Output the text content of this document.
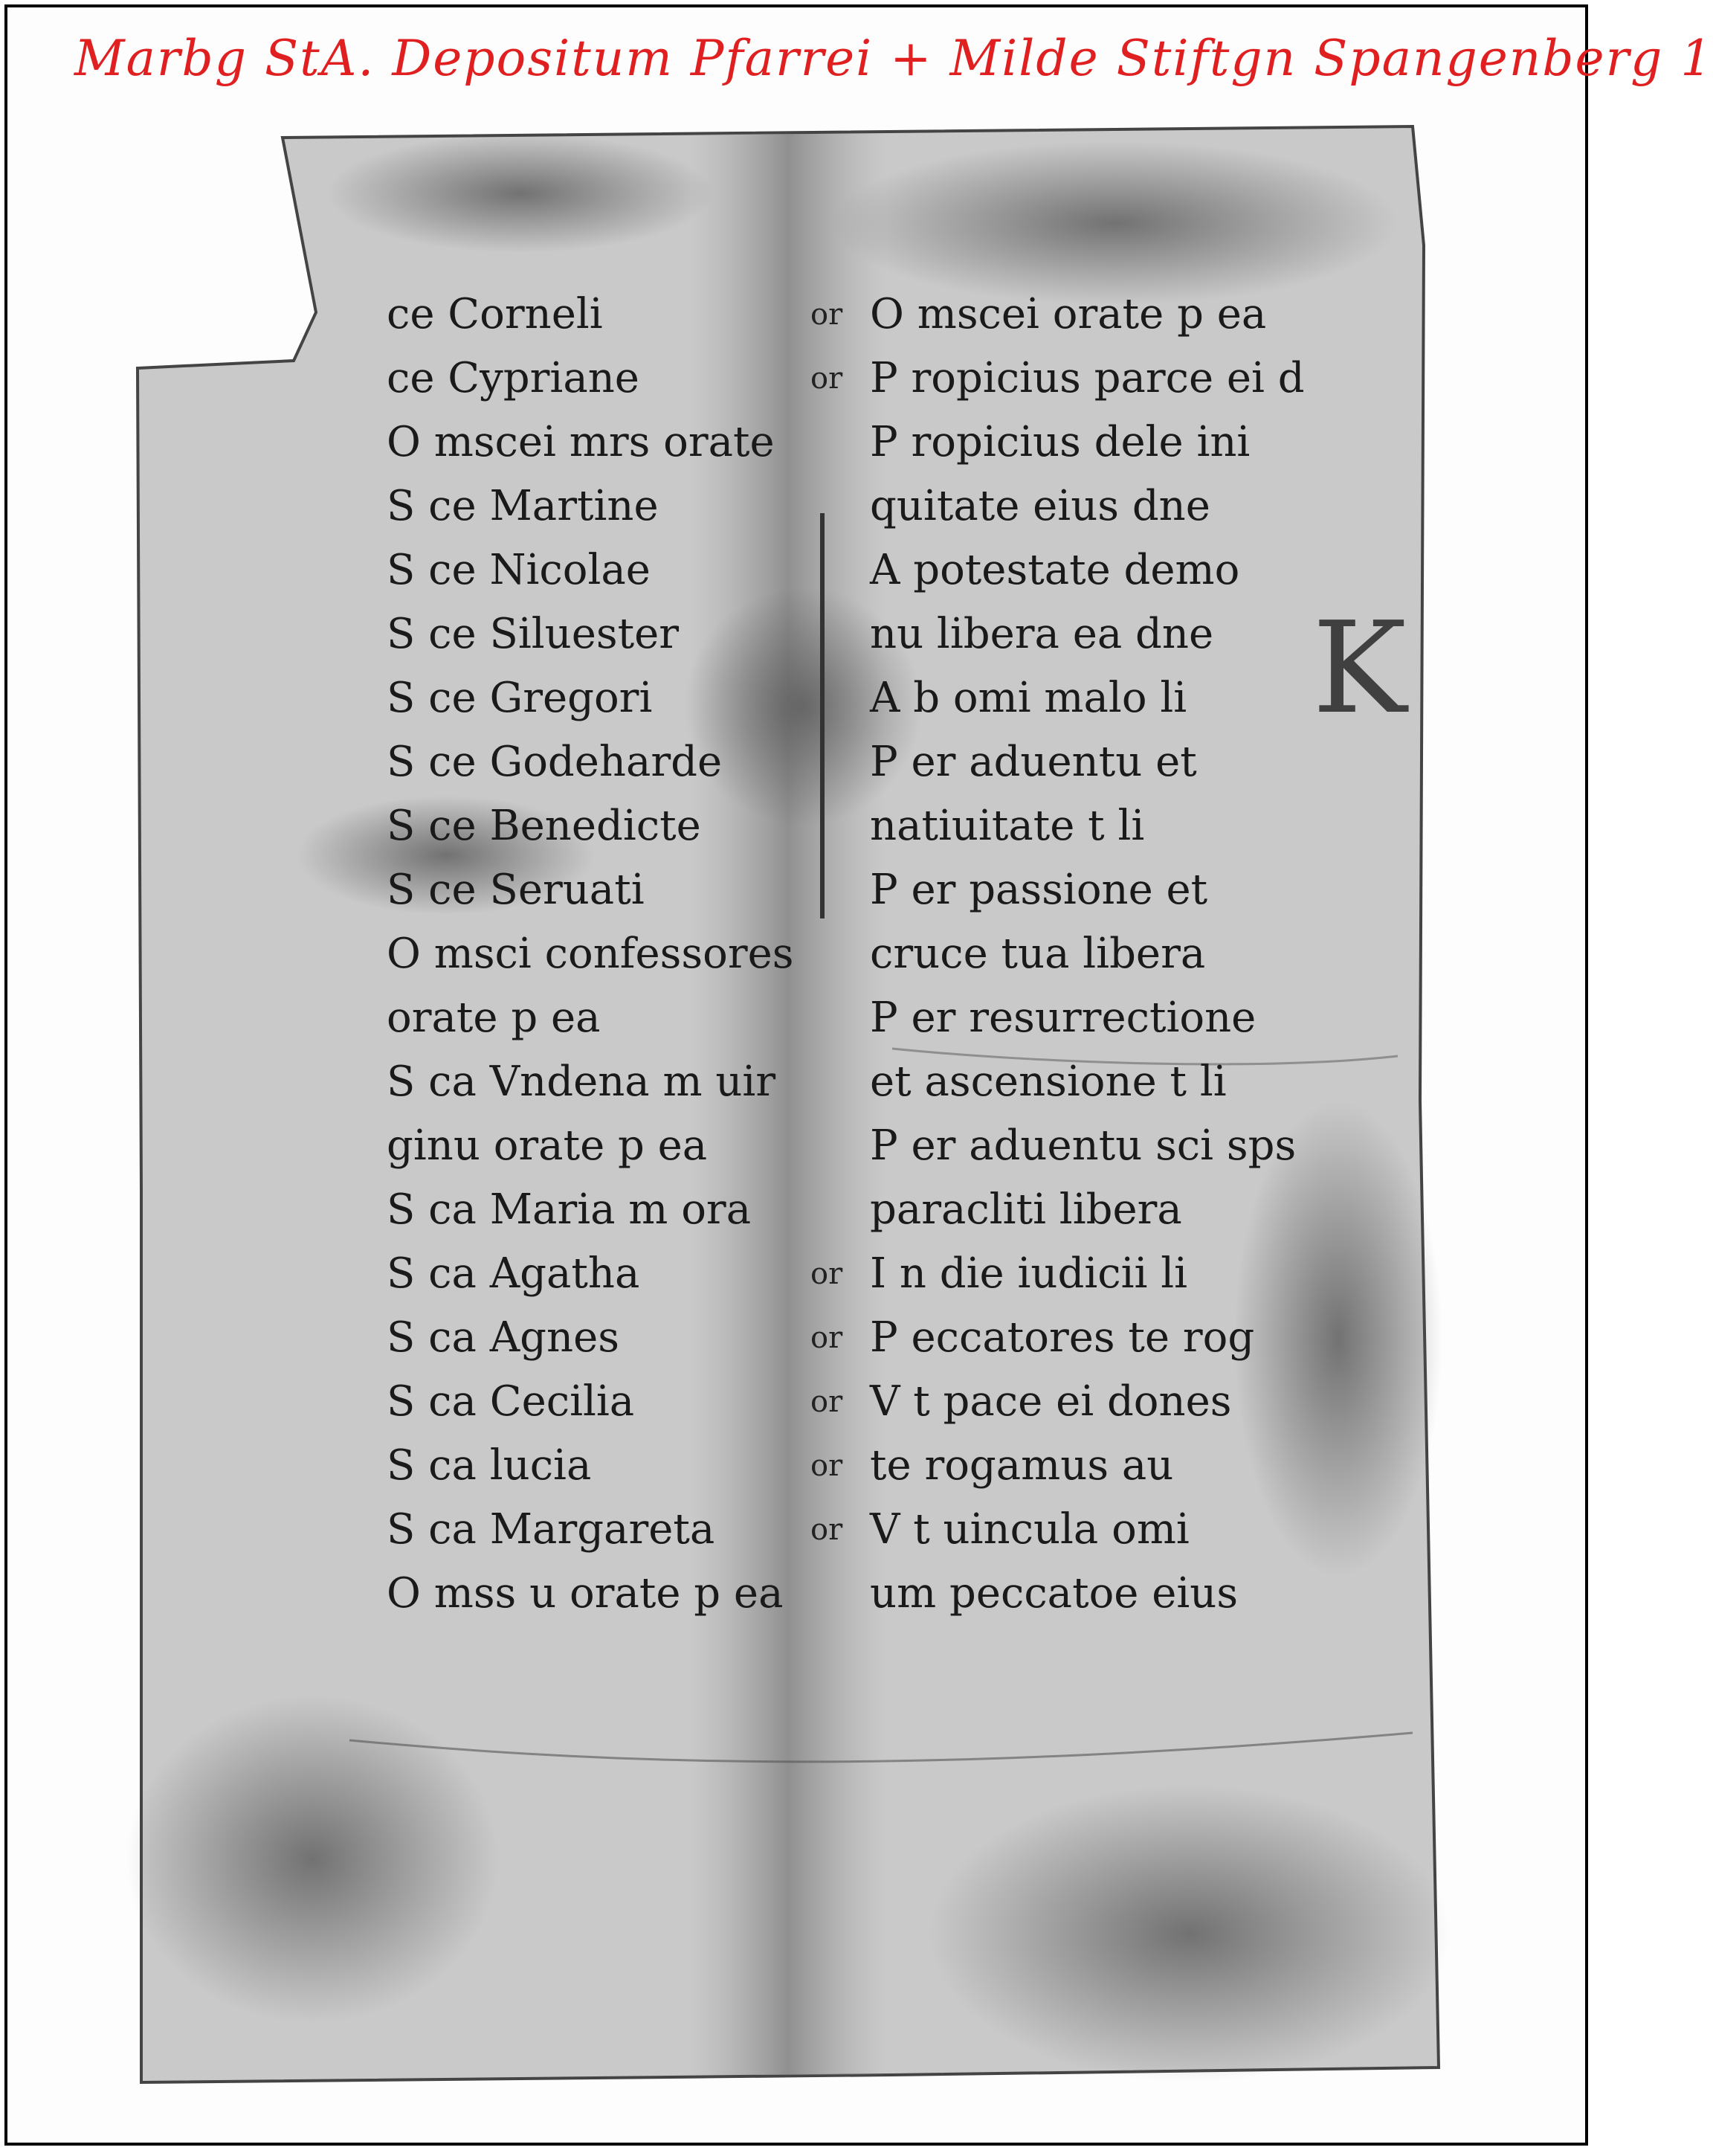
Marbg StA. Depositum Pfarrei + Milde Stiftgn Spangenberg 1
ce Corneli
ce Cypriane
O mscei mrs orate
S ce Martine
S ce Nicolae
S ce Siluester
S ce Gregori
S ce Godeharde
S ce Benedicte
S ce Seruati
O msci confessores
orate p ea
S ca Vndena m uir
ginu orate p ea
S ca Maria m ora
S ca Agatha
S ca Agnes
S ca Cecilia
S ca lucia
S ca Margareta
O mss u orate p ea
or O mscei orate p ea
or P ropicius parce ei d
P ropicius dele ini
quitate eius dne
A potestate demo
nu libera ea dne
A b omi malo li
P er aduentu et
natiuitate t li
P er passione et
cruce tua libera
P er resurrectione
et ascensione t li
P er aduentu sci sps
paracliti libera
or I n die iudicii li
or P eccatores te rog
or V t pace ei dones
or te rogamus au
or V t uincula omi
um peccatoe eius
K
